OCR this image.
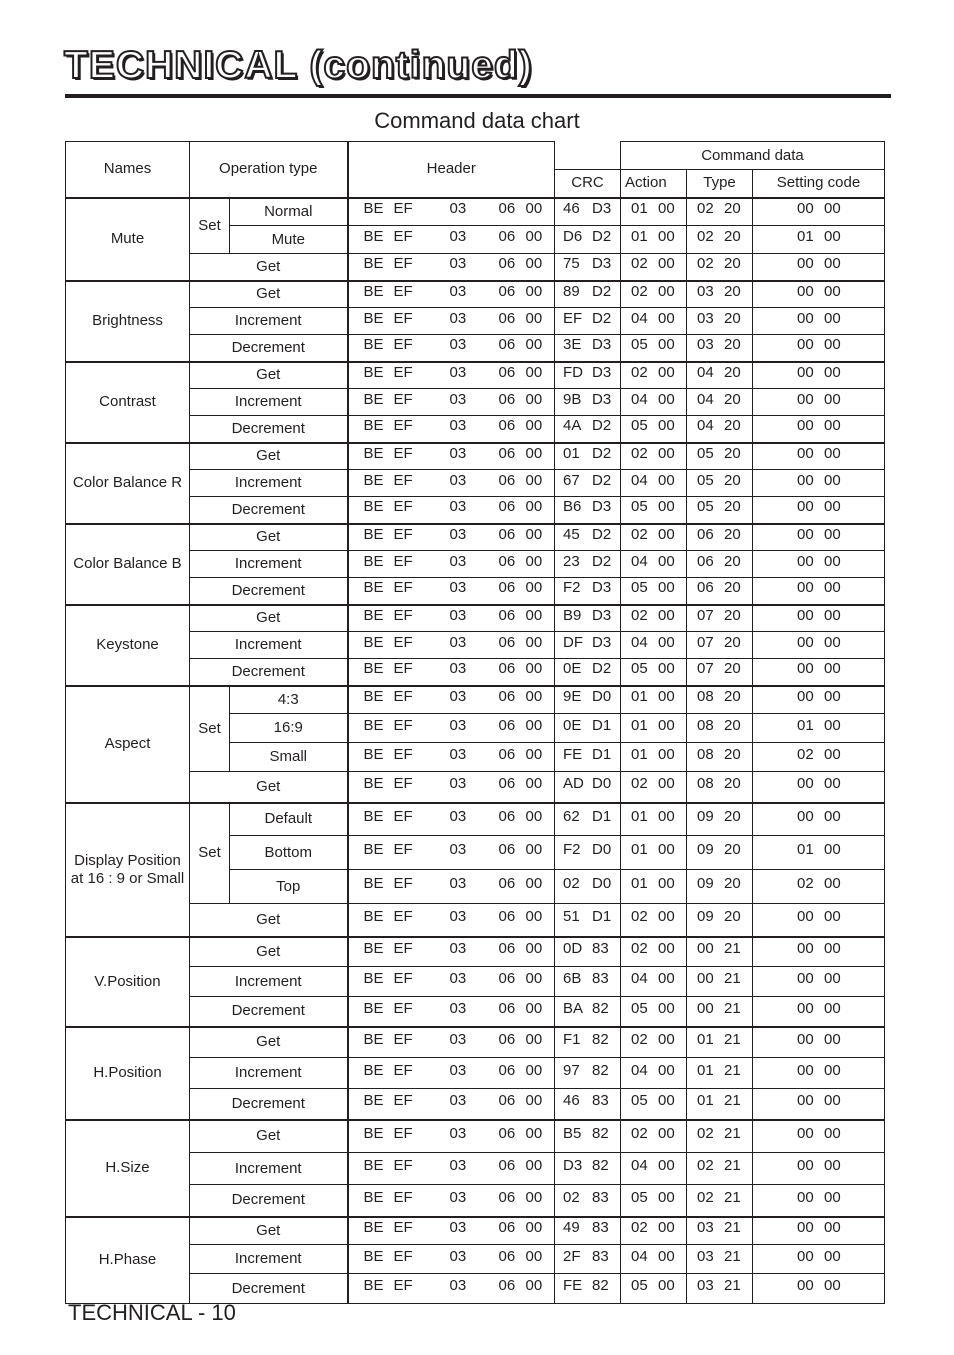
TECHNICAL (continued)
Command data chart
Names	Operation type		Header		Command data		
				CRC	Action	Type	Setting code
Mute	Set	Normal	BE EF 03 06 00	46 D3	01 00	02 20	00 00

		Mute	BE EF 03 06 00	D6 D2	01 00	02 20	01 00

	Get		BE EF 03 06 00	75 D3	02 00	02 20	00 00

Brightness	Get		BE EF 03 06 00	89 D2	02 00	03 20	00 00

	Increment		BE EF 03 06 00	EF D2	04 00	03 20	00 00

	Decrement		BE EF 03 06 00	3E D3	05 00	03 20	00 00

Contrast	Get		BE EF 03 06 00	FD D3	02 00	04 20	00 00

	Increment		BE EF 03 06 00	9B D3	04 00	04 20	00 00

	Decrement		BE EF 03 06 00	4A D2	05 00	04 20	00 00

Color Balance R	Get		BE EF 03 06 00	01 D2	02 00	05 20	00 00

	Increment		BE EF 03 06 00	67 D2	04 00	05 20	00 00

	Decrement		BE EF 03 06 00	B6 D3	05 00	05 20	00 00

Color Balance B	Get		BE EF 03 06 00	45 D2	02 00	06 20	00 00

	Increment		BE EF 03 06 00	23 D2	04 00	06 20	00 00

	Decrement		BE EF 03 06 00	F2 D3	05 00	06 20	00 00

Keystone	Get		BE EF 03 06 00	B9 D3	02 00	07 20	00 00

	Increment		BE EF 03 06 00	DF D3	04 00	07 20	00 00

	Decrement		BE EF 03 06 00	0E D2	05 00	07 20	00 00

Aspect	Set	4:3	BE EF 03 06 00	9E D0	01 00	08 20	00 00

		16:9	BE EF 03 06 00	0E D1	01 00	08 20	01 00

		Small	BE EF 03 06 00	FE D1	01 00	08 20	02 00

	Get		BE EF 03 06 00	AD D0	02 00	08 20	00 00

Display Position at 16 : 9 or Small	Set	Default	BE EF 03 06 00	62 D1	01 00	09 20	00 00

		Bottom	BE EF 03 06 00	F2 D0	01 00	09 20	01 00

		Top	BE EF 03 06 00	02 D0	01 00	09 20	02 00

	Get		BE EF 03 06 00	51 D1	02 00	09 20	00 00

V.Position	Get		BE EF 03 06 00	0D 83	02 00	00 21	00 00

	Increment		BE EF 03 06 00	6B 83	04 00	00 21	00 00

	Decrement		BE EF 03 06 00	BA 82	05 00	00 21	00 00

H.Position	Get		BE EF 03 06 00	F1 82	02 00	01 21	00 00

	Increment		BE EF 03 06 00	97 82	04 00	01 21	00 00

	Decrement		BE EF 03 06 00	46 83	05 00	01 21	00 00

H.Size	Get		BE EF 03 06 00	B5 82	02 00	02 21	00 00

	Increment		BE EF 03 06 00	D3 82	04 00	02 21	00 00

	Decrement		BE EF 03 06 00	02 83	05 00	02 21	00 00

H.Phase	Get		BE EF 03 06 00	49 83	02 00	03 21	00 00

	Increment		BE EF 03 06 00	2F 83	04 00	03 21	00 00

	Decrement		BE EF 03 06 00	FE 82	05 00	03 21	00 00
TECHNICAL - 10
